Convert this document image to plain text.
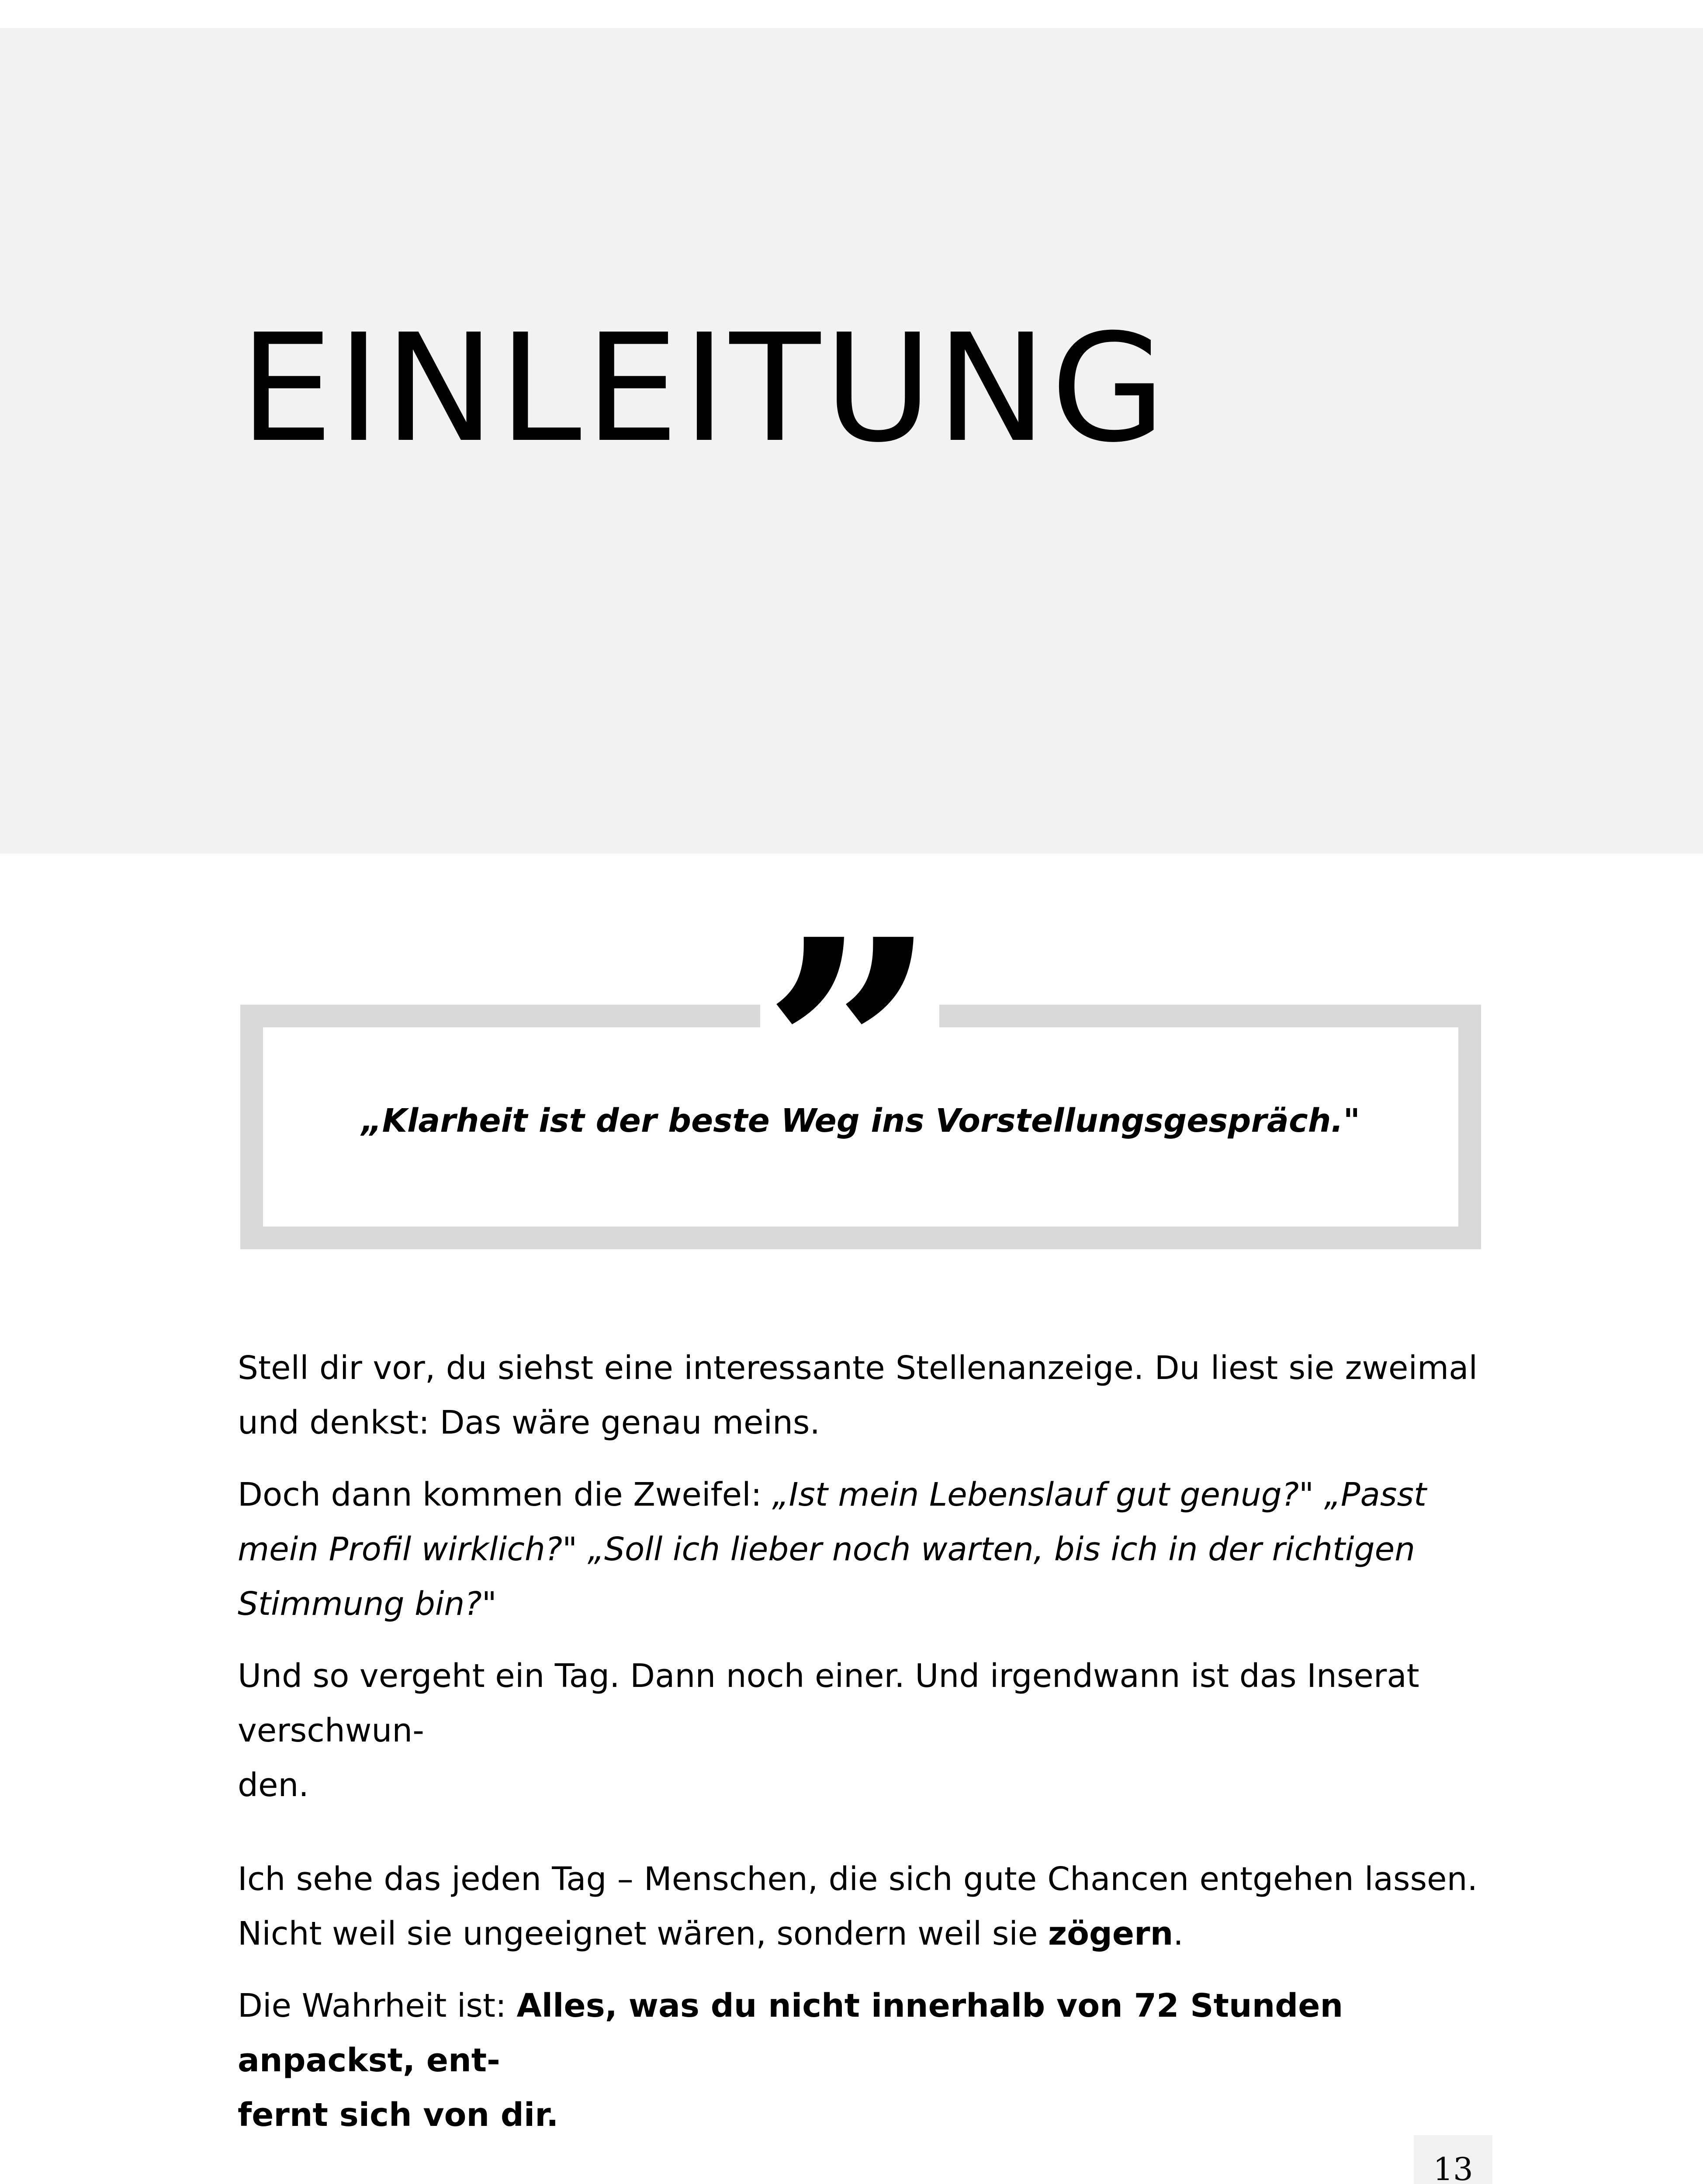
EINLEITUNG
”

„Klarheit ist der beste Weg ins Vorstellungsgespräch."

Stell dir vor, du siehst eine interessante Stellenanzeige. Du liest sie zweimal und denkst: Das wäre genau meins.

Doch dann kommen die Zweifel: „Ist mein Lebenslauf gut genug?" „Passt mein Profil wirklich?" „Soll ich lieber noch warten, bis ich in der richtigen Stimmung bin?"

Und so vergeht ein Tag. Dann noch einer. Und irgendwann ist das Inserat verschwun-
den.

Ich sehe das jeden Tag – Menschen, die sich gute Chancen entgehen lassen. Nicht weil sie ungeeignet wären, sondern weil sie zögern.

Die Wahrheit ist: Alles, was du nicht innerhalb von 72 Stunden anpackst, ent-
fernt sich von dir.

13
